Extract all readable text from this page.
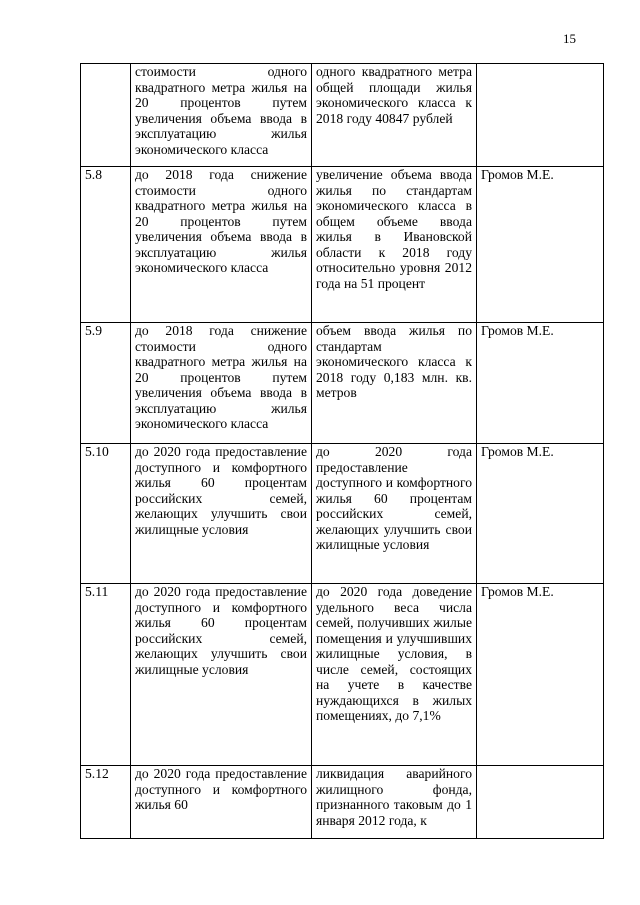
15
	стоимости одного квадратного метра жилья на 20 процентов путем увеличения объема ввода в эксплуатацию жилья экономического класса	одного квадратного метра общей площади жилья экономического класса к 2018 году 40847 рублей	
5.8	до 2018 года снижение стоимости одного квадратного метра жилья на 20 процентов путем увеличения объема ввода в эксплуатацию жилья экономического класса	увеличение объема ввода жилья по стандартам экономического класса в общем объеме ввода жилья в Ивановской области к 2018 году относительно уровня 2012 года на 51 процент	Громов М.Е.
5.9	до 2018 года снижение стоимости одного квадратного метра жилья на 20 процентов путем увеличения объема ввода в эксплуатацию жилья экономического класса	объем ввода жилья по стандартам экономического класса к 2018 году 0,183 млн. кв. метров	Громов М.Е.
5.10	до 2020 года предоставление доступного и комфортного жилья 60 процентам российских семей, желающих улучшить свои жилищные условия	до 2020 года предоставление доступного и комфортного жилья 60 процентам российских семей, желающих улучшить свои жилищные условия	Громов М.Е.
5.11	до 2020 года предоставление доступного и комфортного жилья 60 процентам российских семей, желающих улучшить свои жилищные условия	до 2020 года доведение удельного веса числа семей, получивших жилые помещения и улучшивших жилищные условия, в числе семей, состоящих на учете в качестве нуждающихся в жилых помещениях, до 7,1%	Громов М.Е.
5.12	до 2020 года предоставление доступного и комфортного жилья 60	ликвидация аварийного жилищного фонда, признанного таковым до 1 января 2012 года, к	
